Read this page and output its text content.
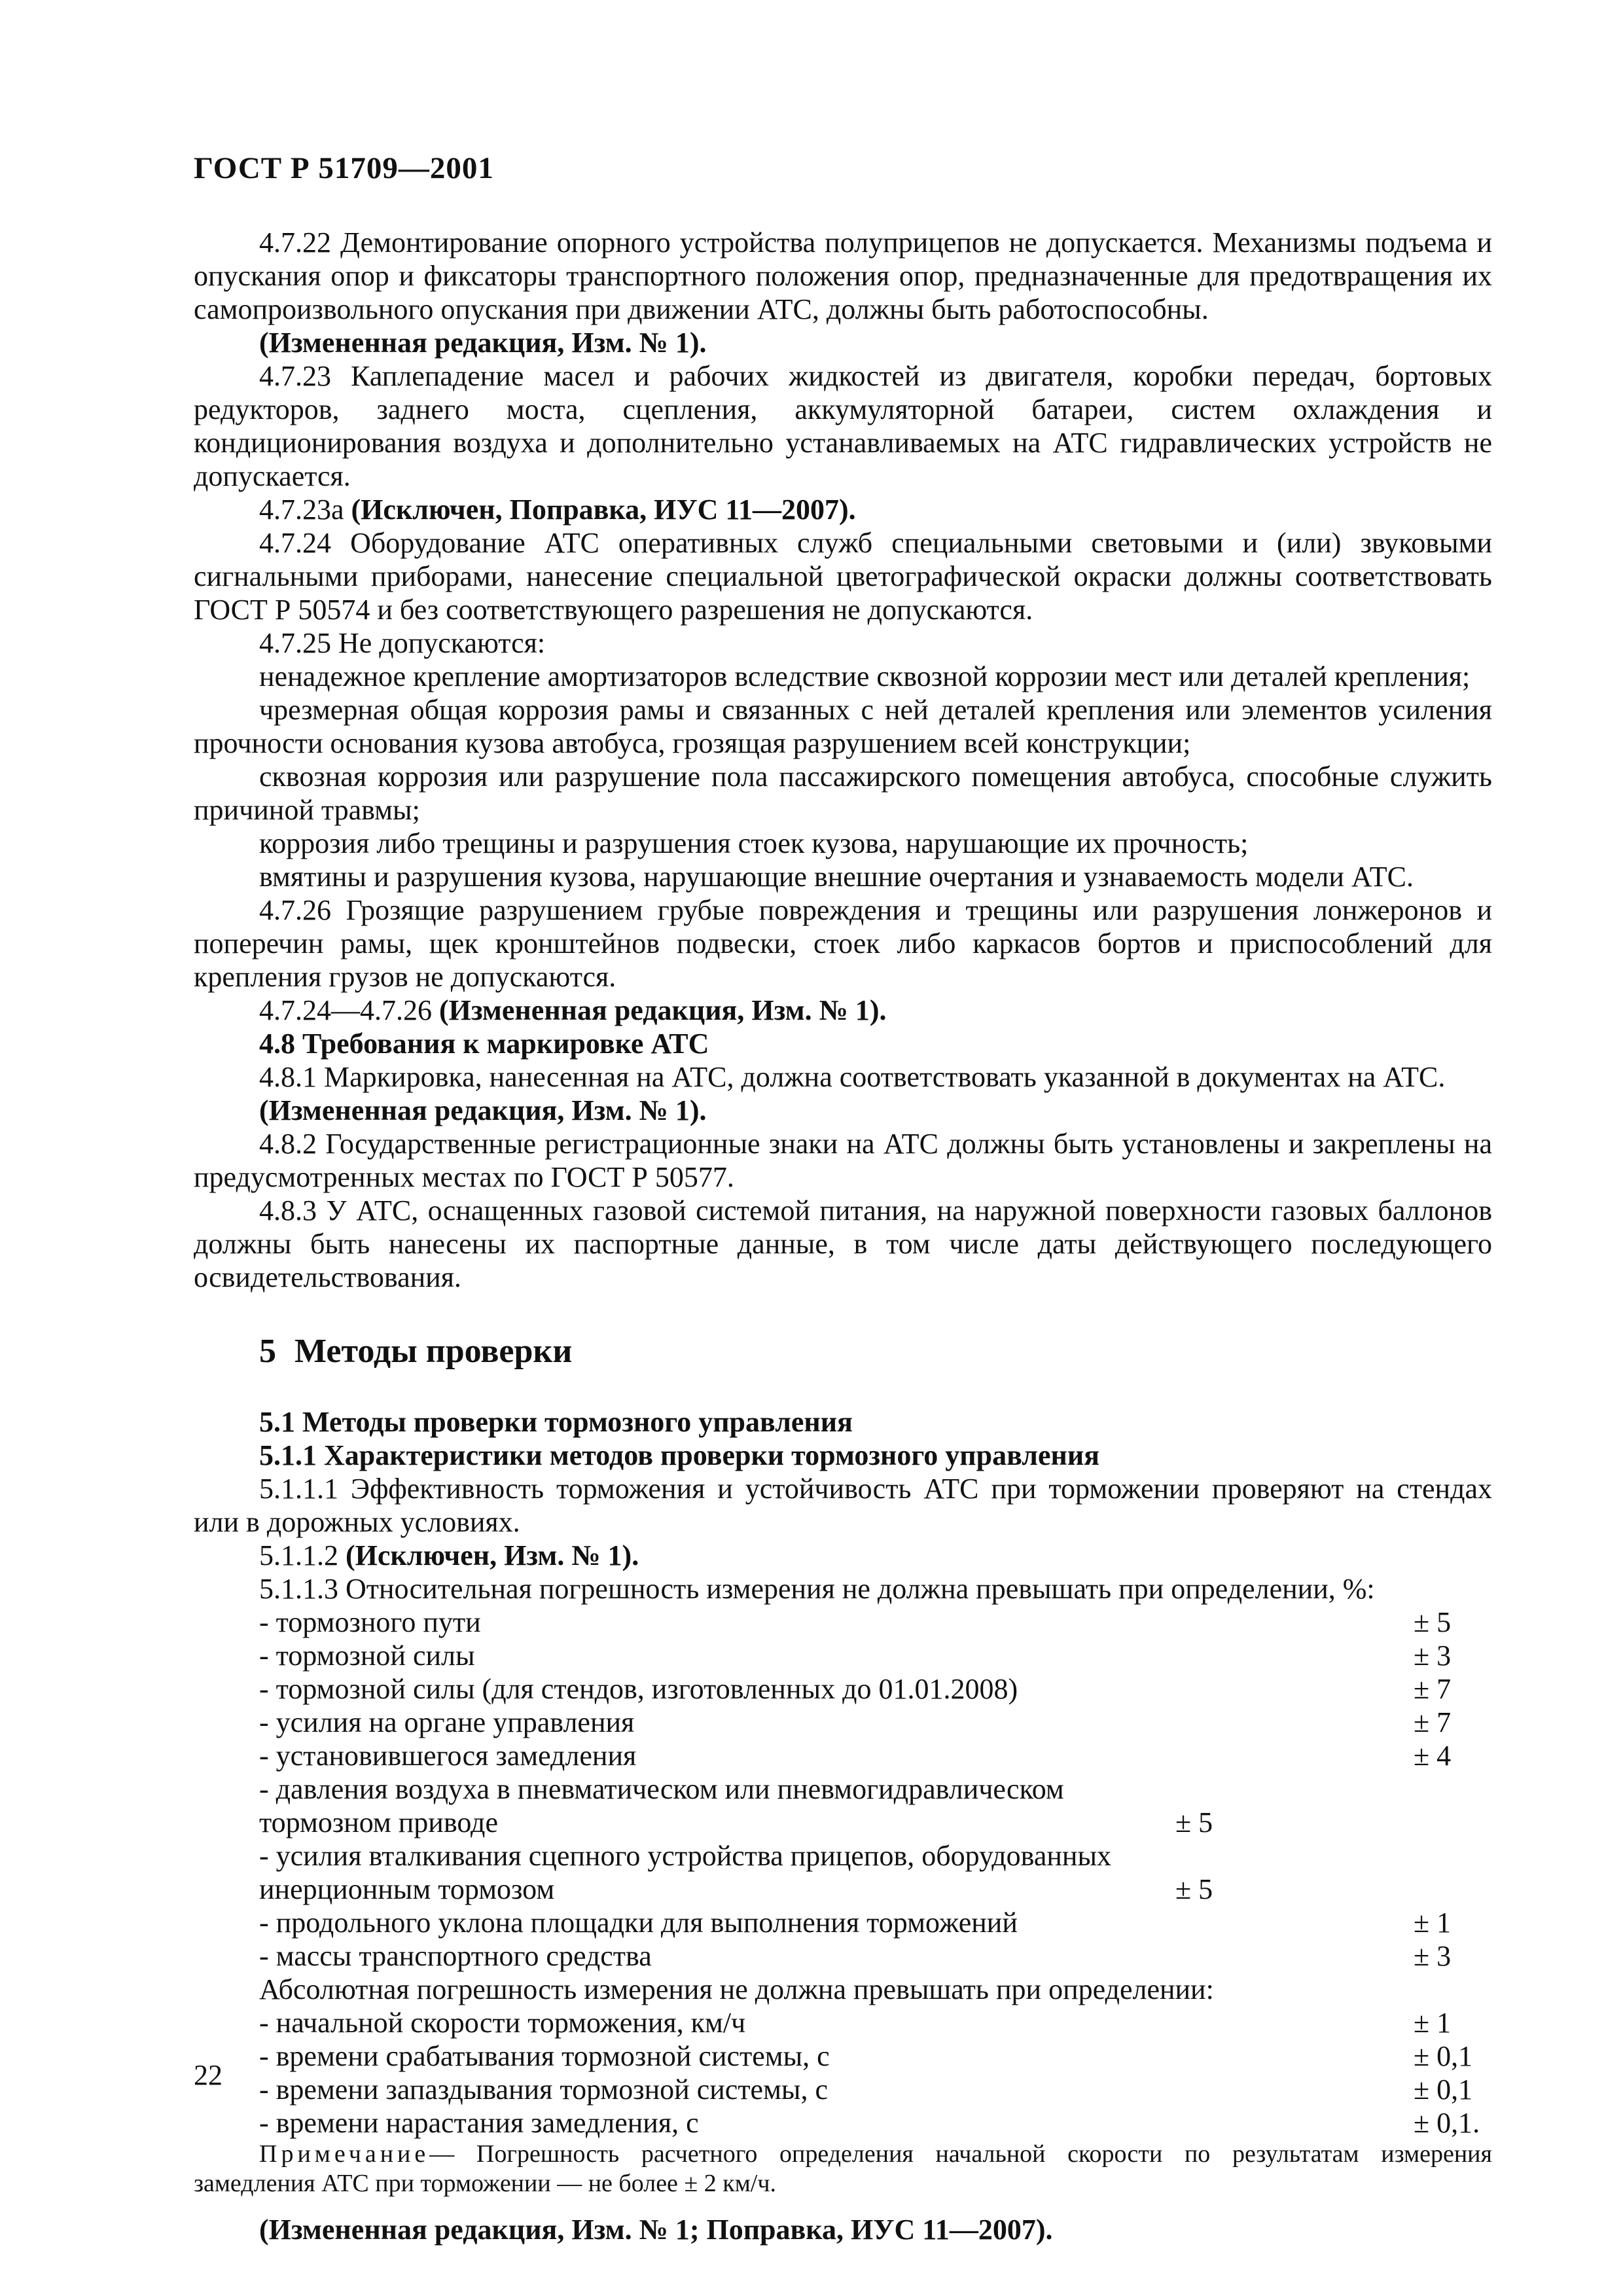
ГОСТ Р 51709—2001

4.7.22 Демонтирование опорного устройства полуприцепов не допускается. Механизмы подъема и опускания опор и фиксаторы транспортного положения опор, предназначенные для предотвращения их самопроизвольного опускания при движении АТС, должны быть работоспособны.

(Измененная редакция, Изм. № 1).

4.7.23 Каплепадение масел и рабочих жидкостей из двигателя, коробки передач, бортовых редукторов, заднего моста, сцепления, аккумуляторной батареи, систем охлаждения и кондиционирования воздуха и дополнительно устанавливаемых на АТС гидравлических устройств не допускается.

4.7.23а (Исключен, Поправка, ИУС 11—2007).

4.7.24 Оборудование АТС оперативных служб специальными световыми и (или) звуковыми сигнальными приборами, нанесение специальной цветографической окраски должны соответствовать ГОСТ Р 50574 и без соответствующего разрешения не допускаются.

4.7.25 Не допускаются:

ненадежное крепление амортизаторов вследствие сквозной коррозии мест или деталей крепления;

чрезмерная общая коррозия рамы и связанных с ней деталей крепления или элементов усиления прочности основания кузова автобуса, грозящая разрушением всей конструкции;

сквозная коррозия или разрушение пола пассажирского помещения автобуса, способные служить причиной травмы;

коррозия либо трещины и разрушения стоек кузова, нарушающие их прочность;

вмятины и разрушения кузова, нарушающие внешние очертания и узнаваемость модели АТС.

4.7.26 Грозящие разрушением грубые повреждения и трещины или разрушения лонжеронов и поперечин рамы, щек кронштейнов подвески, стоек либо каркасов бортов и приспособлений для крепления грузов не допускаются.

4.7.24—4.7.26 (Измененная редакция, Изм. № 1).

4.8 Требования к маркировке АТС

4.8.1 Маркировка, нанесенная на АТС, должна соответствовать указанной в документах на АТС.

(Измененная редакция, Изм. № 1).

4.8.2 Государственные регистрационные знаки на АТС должны быть установлены и закреплены на предусмотренных местах по ГОСТ Р 50577.

4.8.3 У АТС, оснащенных газовой системой питания, на наружной поверхности газовых баллонов должны быть нанесены их паспортные данные, в том числе даты действующего последующего освидетельствования.

5 Методы проверки

5.1 Методы проверки тормозного управления

5.1.1 Характеристики методов проверки тормозного управления

5.1.1.1 Эффективность торможения и устойчивость АТС при торможении проверяют на стендах или в дорожных условиях.

5.1.1.2 (Исключен, Изм. № 1).

5.1.1.3 Относительная погрешность измерения не должна превышать при определении, %:

- тормозного пути	± 5
- тормозной силы	± 3
- тормозной силы (для стендов, изготовленных до 01.01.2008)	± 7
- усилия на органе управления	± 7
- установившегося замедления	± 4
- давления воздуха в пневматическом или пневмогидравлическом тормозном приводе	± 5
- усилия вталкивания сцепного устройства прицепов, оборудованных инерционным тормозом	± 5
- продольного уклона площадки для выполнения торможений	± 1
- массы транспортного средства	± 3

Абсолютная погрешность измерения не должна превышать при определении:

- начальной скорости торможения, км/ч	± 1
- времени срабатывания тормозной системы, с	± 0,1
- времени запаздывания тормозной системы, с	± 0,1
- времени нарастания замедления, с	± 0,1.

Примечание— Погрешность расчетного определения начальной скорости по результатам измерения замедления АТС при торможении — не более ± 2 км/ч.

(Измененная редакция, Изм. № 1; Поправка, ИУС 11—2007).

22
